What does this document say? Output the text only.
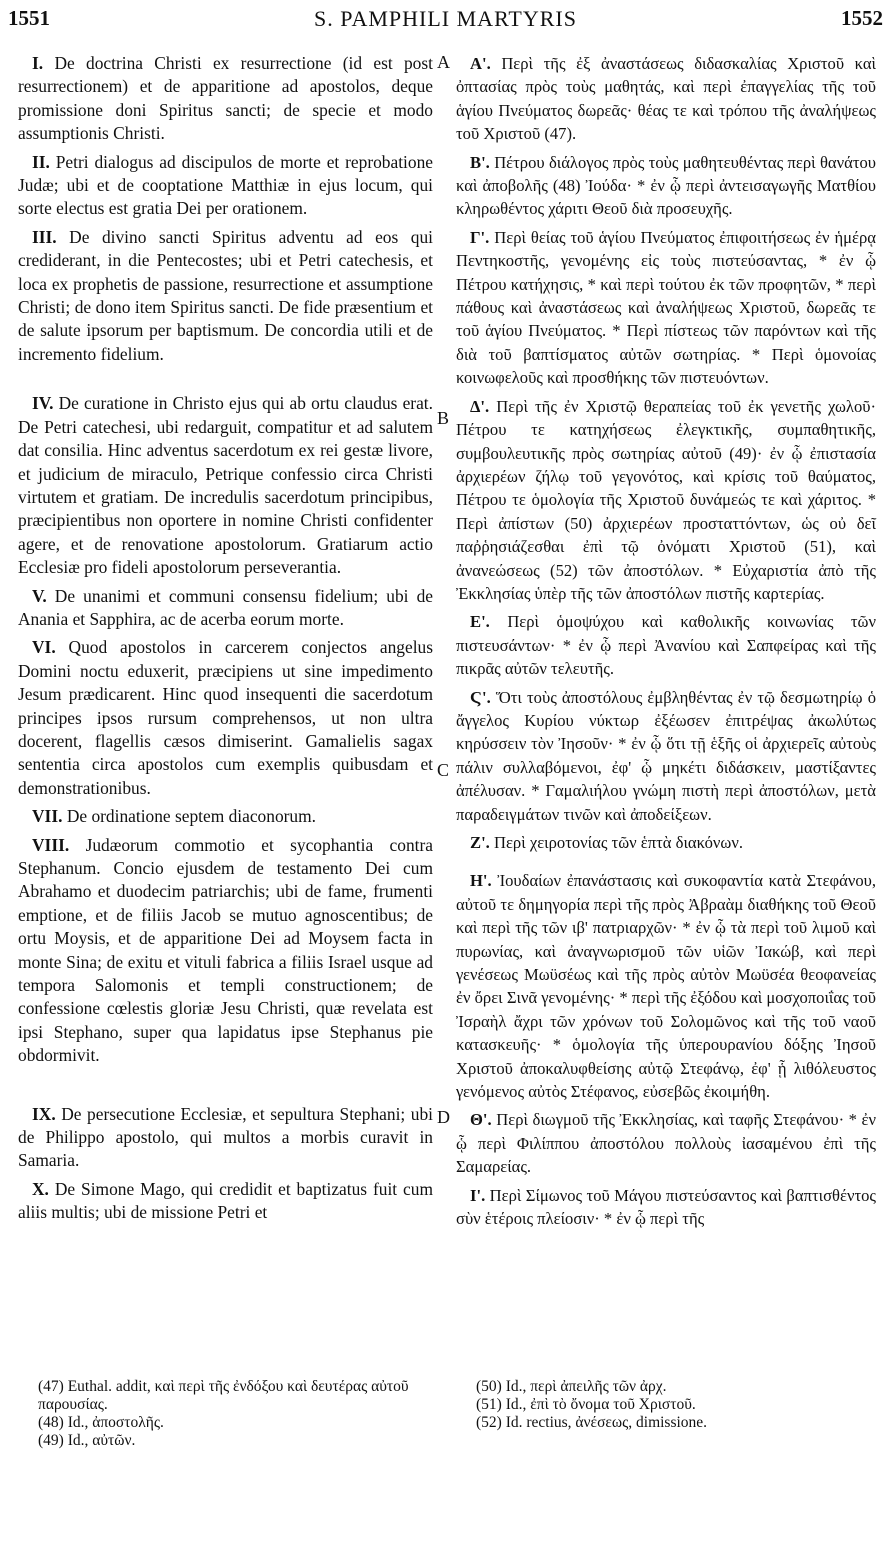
1551	S. PAMPHILI MARTYRIS	1552
A
B
C
D

I. De doctrina Christi ex resurrectione (id est post resurrectionem) et de apparitione ad apostolos, deque promissione doni Spiritus sancti; de specie et modo assumptionis Christi.

II. Petri dialogus ad discipulos de morte et reprobatione Judæ; ubi et de cooptatione Matthiæ in ejus locum, qui sorte electus est gratia Dei per orationem.

III. De divino sancti Spiritus adventu ad eos qui crediderant, in die Pentecostes; ubi et Petri catechesis, et loca ex prophetis de passione, resurrectione et assumptione Christi; de dono item Spiritus sancti. De fide præsentium et de salute ipsorum per baptismum. De concordia utili et de incremento fidelium.

IV. De curatione in Christo ejus qui ab ortu claudus erat. De Petri catechesi, ubi redarguit, compatitur et ad salutem dat consilia. Hinc adventus sacerdotum ex rei gestæ livore, et judicium de miraculo, Petrique confessio circa Christi virtutem et gratiam. De incredulis sacerdotum principibus, præcipientibus non oportere in nomine Christi confidenter agere, et de renovatione apostolorum. Gratiarum actio Ecclesiæ pro fideli apostolorum perseverantia.

V. De unanimi et communi consensu fidelium; ubi de Anania et Sapphira, ac de acerba eorum morte.

VI. Quod apostolos in carcerem conjectos angelus Domini noctu eduxerit, præcipiens ut sine impedimento Jesum prædicarent. Hinc quod insequenti die sacerdotum principes ipsos rursum comprehensos, ut non ultra docerent, flagellis cæsos dimiserint. Gamalielis sagax sententia circa apostolos cum exemplis quibusdam et demonstrationibus.

VII. De ordinatione septem diaconorum.

VIII. Judæorum commotio et sycophantia contra Stephanum. Concio ejusdem de testamento Dei cum Abrahamo et duodecim patriarchis; ubi de fame, frumenti emptione, et de filiis Jacob se mutuo agnoscentibus; de ortu Moysis, et de apparitione Dei ad Moysem facta in monte Sina; de exitu et vituli fabrica a filiis Israel usque ad tempora Salomonis et templi constructionem; de confessione cœlestis gloriæ Jesu Christi, quæ revelata est ipsi Stephano, super qua lapidatus ipse Stephanus pie obdormivit.

IX. De persecutione Ecclesiæ, et sepultura Stephani; ubi de Philippo apostolo, qui multos a morbis curavit in Samaria.

X. De Simone Mago, qui credidit et baptizatus fuit cum aliis multis; ubi de missione Petri et

Α'. Περὶ τῆς ἐξ ἀναστάσεως διδασκαλίας Χριστοῦ καὶ ὀπτασίας πρὸς τοὺς μαθητάς, καὶ περὶ ἐπαγγελίας τῆς τοῦ ἁγίου Πνεύματος δωρεᾶς· θέας τε καὶ τρόπου τῆς ἀναλήψεως τοῦ Χριστοῦ (47).

Β'. Πέτρου διάλογος πρὸς τοὺς μαθητευθέντας περὶ θανάτου καὶ ἀποβολῆς (48) Ἰούδα· * ἐν ᾧ περὶ ἀντεισαγωγῆς Ματθίου κληρωθέντος χάριτι Θεοῦ διὰ προσευχῆς.

Γ'. Περὶ θείας τοῦ ἁγίου Πνεύματος ἐπιφοιτήσεως ἐν ἡμέρᾳ Πεντηκοστῆς, γενομένης εἰς τοὺς πιστεύσαντας, * ἐν ᾧ Πέτρου κατήχησις, * καὶ περὶ τούτου ἐκ τῶν προφητῶν, * περὶ πάθους καὶ ἀναστάσεως καὶ ἀναλήψεως Χριστοῦ, δωρεᾶς τε τοῦ ἁγίου Πνεύματος. * Περὶ πίστεως τῶν παρόντων καὶ τῆς διὰ τοῦ βαπτίσματος αὐτῶν σωτηρίας. * Περὶ ὁμονοίας κοινωφελοῦς καὶ προσθήκης τῶν πιστευόντων.

Δ'. Περὶ τῆς ἐν Χριστῷ θεραπείας τοῦ ἐκ γενετῆς χωλοῦ· Πέτρου τε κατηχήσεως ἐλεγκτικῆς, συμπαθητικῆς, συμβουλευτικῆς πρὸς σωτηρίας αὐτοῦ (49)· ἐν ᾧ ἐπιστασία ἀρχιερέων ζήλῳ τοῦ γεγονότος, καὶ κρίσις τοῦ θαύματος, Πέτρου τε ὁμολογία τῆς Χριστοῦ δυνάμεώς τε καὶ χάριτος. * Περὶ ἀπίστων (50) ἀρχιερέων προσταττόντων, ὡς οὐ δεῖ παῤῥησιάζεσθαι ἐπὶ τῷ ὀνόματι Χριστοῦ (51), καὶ ἀνανεώσεως (52) τῶν ἀποστόλων. * Εὐχαριστία ἀπὸ τῆς Ἐκκλησίας ὑπὲρ τῆς τῶν ἀποστόλων πιστῆς καρτερίας.

Ε'. Περὶ ὁμοψύχου καὶ καθολικῆς κοινωνίας τῶν πιστευσάντων· * ἐν ᾧ περὶ Ἀνανίου καὶ Σαπφείρας καὶ τῆς πικρᾶς αὐτῶν τελευτῆς.

Ϛ'. Ὅτι τοὺς ἀποστόλους ἐμβληθέντας ἐν τῷ δεσμωτηρίῳ ὁ ἄγγελος Κυρίου νύκτωρ ἐξέωσεν ἐπιτρέψας ἀκωλύτως κηρύσσειν τὸν Ἰησοῦν· * ἐν ᾧ ὅτι τῇ ἑξῆς οἱ ἀρχιερεῖς αὐτοὺς πάλιν συλλαβόμενοι, ἐφ' ᾧ μηκέτι διδάσκειν, μαστίξαντες ἀπέλυσαν. * Γαμαλιήλου γνώμη πιστὴ περὶ ἀποστόλων, μετὰ παραδειγμάτων τινῶν καὶ ἀποδείξεων.

Ζ'. Περὶ χειροτονίας τῶν ἑπτὰ διακόνων.

Η'. Ἰουδαίων ἐπανάστασις καὶ συκοφαντία κατὰ Στεφάνου, αὐτοῦ τε δημηγορία περὶ τῆς πρὸς Ἀβραὰμ διαθήκης τοῦ Θεοῦ καὶ περὶ τῆς τῶν ιβ' πατριαρχῶν· * ἐν ᾧ τὰ περὶ τοῦ λιμοῦ καὶ πυρωνίας, καὶ ἀναγνωρισμοῦ τῶν υἱῶν Ἰακώβ, καὶ περὶ γενέσεως Μωϋσέως καὶ τῆς πρὸς αὐτὸν Μωϋσέα θεοφανείας ἐν ὄρει Σινᾶ γενομένης· * περὶ τῆς ἐξόδου καὶ μοσχοποιΐας τοῦ Ἰσραὴλ ἄχρι τῶν χρόνων τοῦ Σολομῶνος καὶ τῆς τοῦ ναοῦ κατασκευῆς· * ὁμολογία τῆς ὑπερουρανίου δόξης Ἰησοῦ Χριστοῦ ἀποκαλυφθείσης αὐτῷ Στεφάνῳ, ἐφ' ᾗ λιθόλευστος γενόμενος αὐτὸς Στέφανος, εὐσεβῶς ἐκοιμήθη.

Θ'. Περὶ διωγμοῦ τῆς Ἐκκλησίας, καὶ ταφῆς Στεφάνου· * ἐν ᾧ περὶ Φιλίππου ἀποστόλου πολλοὺς ἰασαμένου ἐπὶ τῆς Σαμαρείας.

Ι'. Περὶ Σίμωνος τοῦ Μάγου πιστεύσαντος καὶ βαπτισθέντος σὺν ἑτέροις πλείοσιν· * ἐν ᾧ περὶ τῆς

(47) Euthal. addit, καὶ περὶ τῆς ἐνδόξου καὶ δευτέρας αὐτοῦ παρουσίας.

(48) Id., ἀποστολῆς.

(49) Id., αὐτῶν.

(50) Id., περὶ ἀπειλῆς τῶν ἀρχ.

(51) Id., ἐπὶ τὸ ὄνομα τοῦ Χριστοῦ.

(52) Id. rectius, ἀνέσεως, dimissione.
